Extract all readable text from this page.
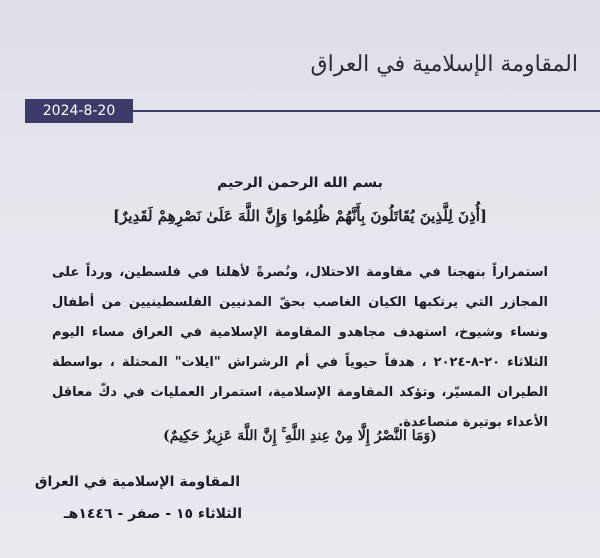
المقاومة الإسلامية في العراق
2024-8-20
بسم الله الرحمن الرحيم
[أُذِنَ لِلَّذِينَ يُقَاتَلُونَ بِأَنَّهُمْ ظُلِمُوا وَإِنَّ اللَّهَ عَلَىٰ نَصْرِهِمْ لَقَدِيرٌ]
استمراراً بنهجنا في مقاومة الاحتلال، ونُصرةً لأهلنا في فلسطين، ورداً على المجازر التي يرتكبها الكيان الغاصب بحقّ المدنيين الفلسطينيين من أطفال ونساء وشيوخ، استهدف مجاهدو المقاومة الإسلامية في العراق مساء اليوم الثلاثاء ٢٠-٨-٢٠٢٤ ، هدفاً حيوياً في أم الرشراش "ايلات" المحتلة ، بواسطة الطيران المسيّر، وتؤكد المقاومة الإسلامية، استمرار العمليات في دكّ معاقل الأعداء بوتيرة متصاعدة.
(وَمَا النَّصْرُ إِلَّا مِنْ عِندِ اللَّهِ ۚ إِنَّ اللَّهَ عَزِيزٌ حَكِيمٌ)
المقاومة الإسلامية في العراق
الثلاثاء ١٥ - صفر - ١٤٤٦هـ
